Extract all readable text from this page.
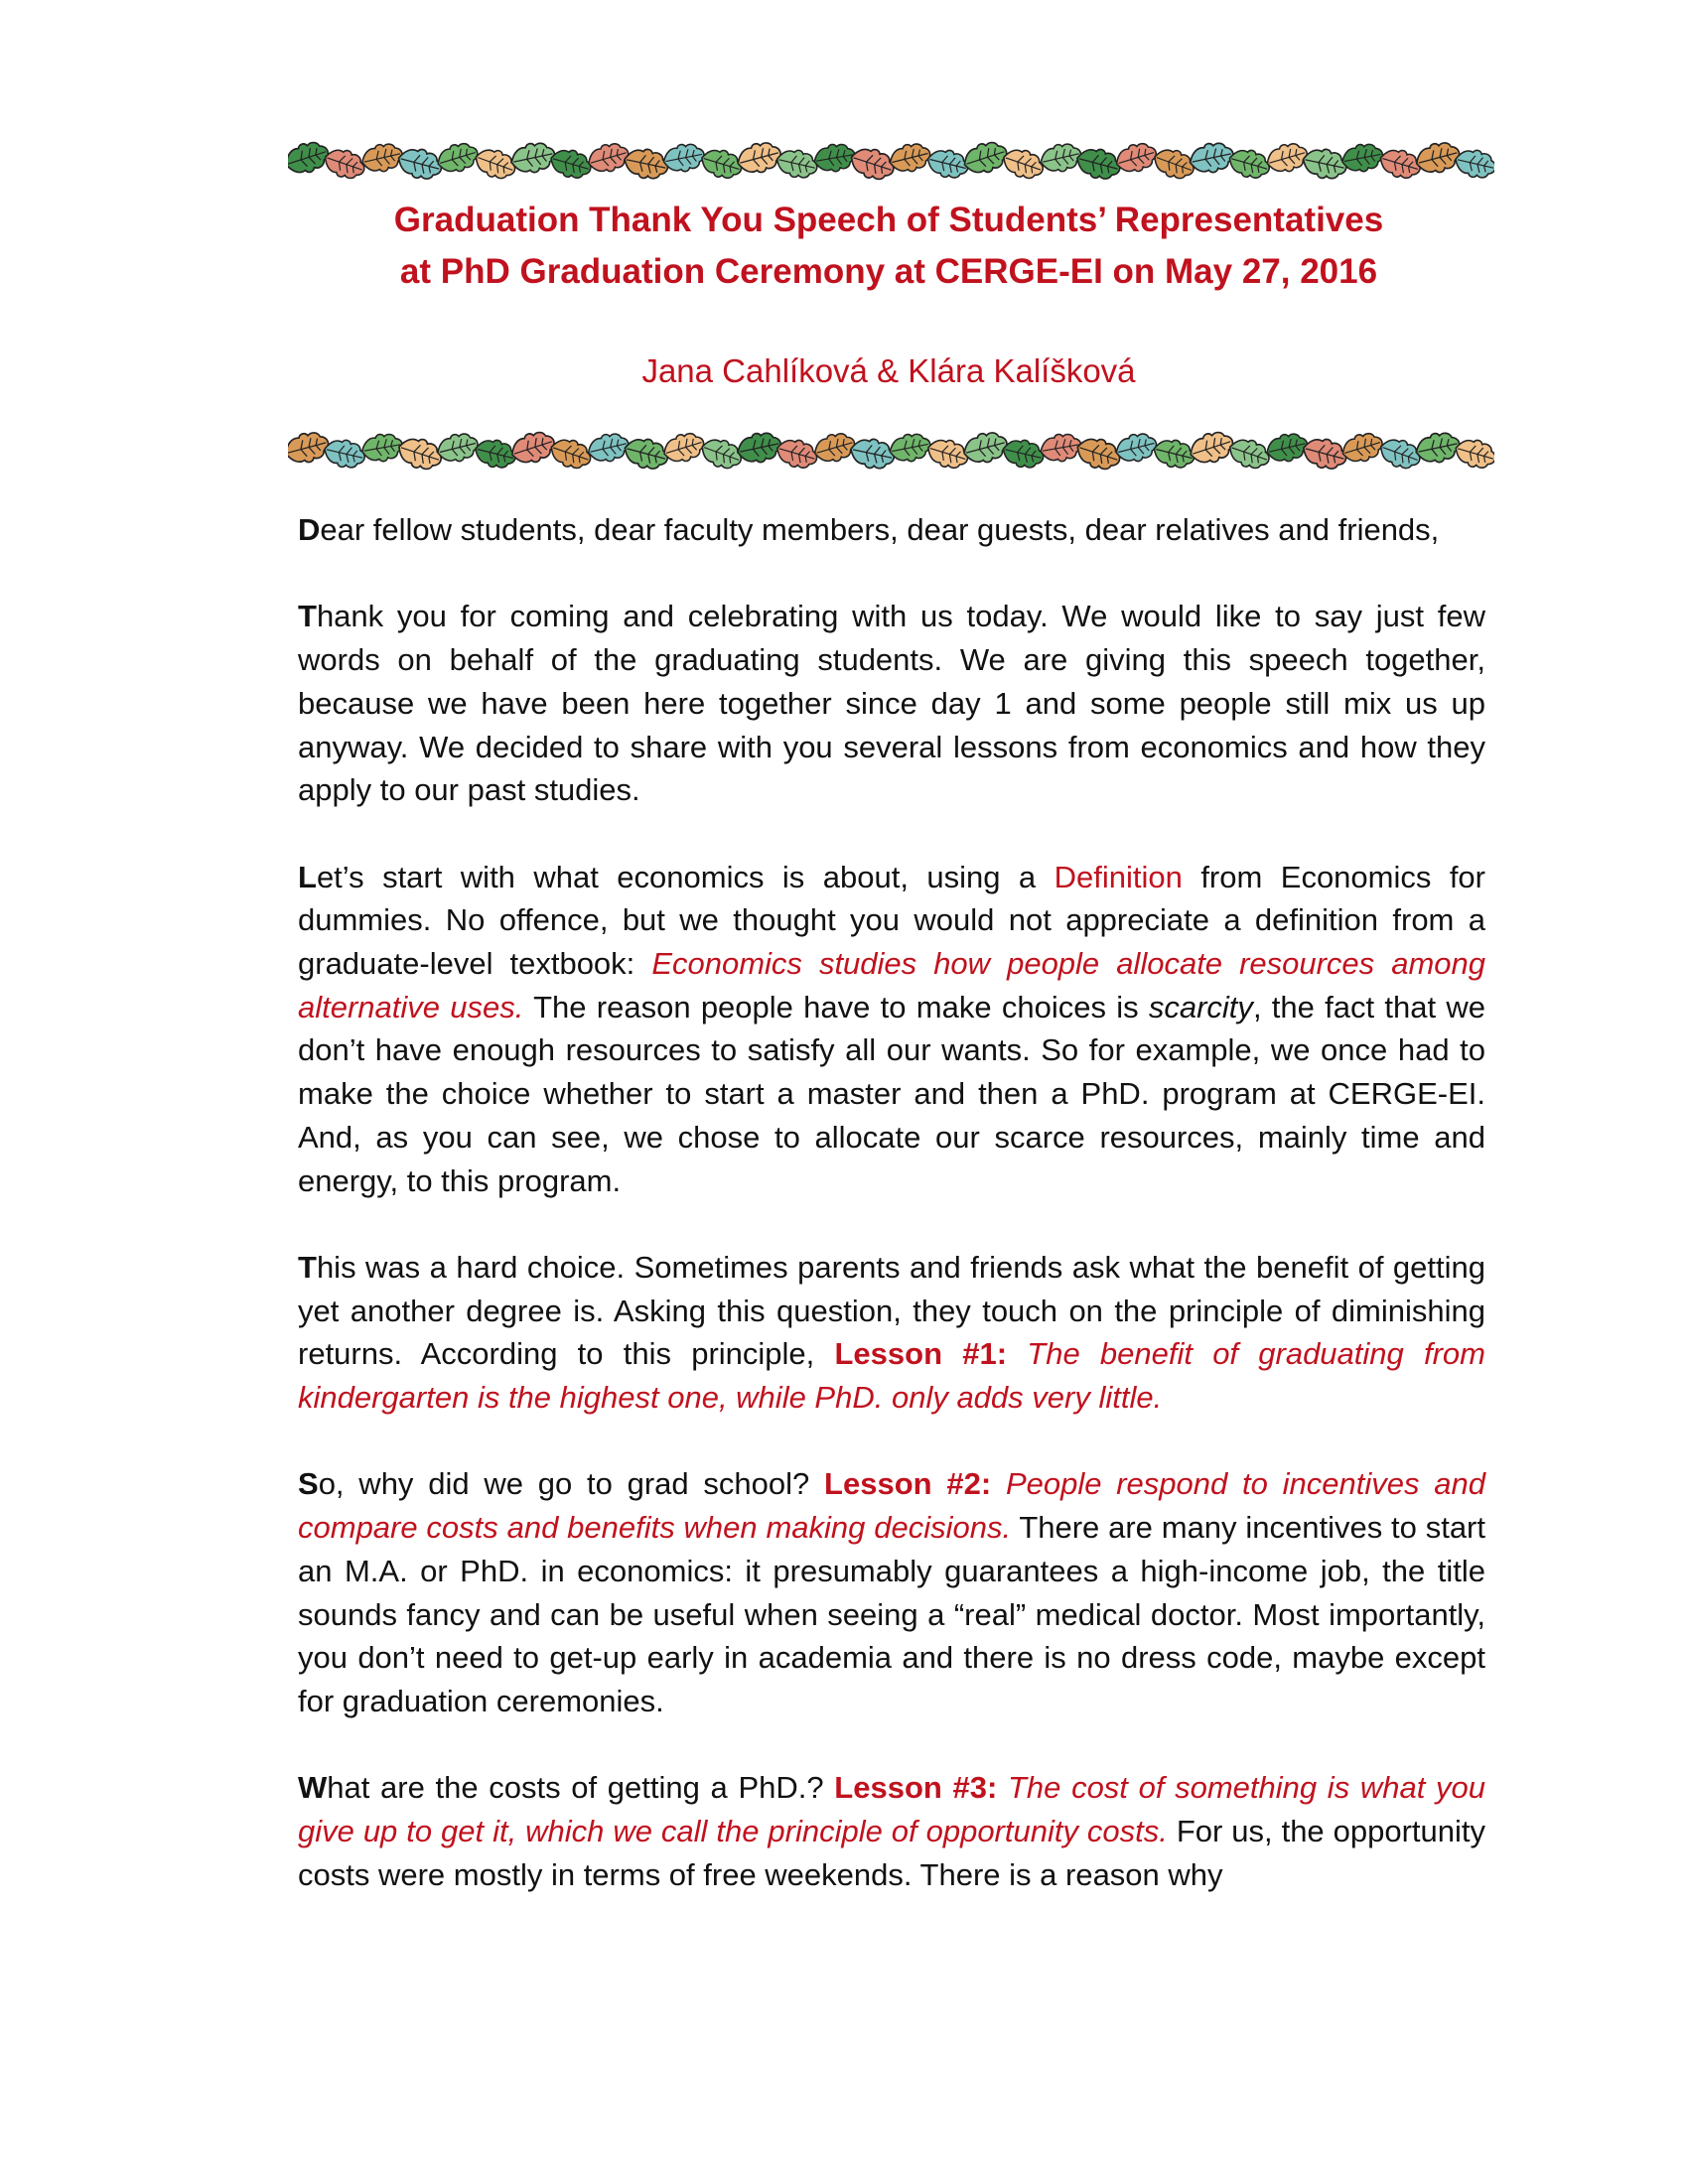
Graduation Thank You Speech of Students’ Representatives
at PhD Graduation Ceremony at CERGE-EI on May 27, 2016

Jana Cahlíková & Klára Kalíšková

Dear fellow students, dear faculty members, dear guests, dear relatives and friends,

Thank you for coming and celebrating with us today. We would like to say just few words on behalf of the graduating students. We are giving this speech together, because we have been here together since day 1 and some people still mix us up anyway. We decided to share with you several lessons from economics and how they apply to our past studies.

Let’s start with what economics is about, using a Definition from Economics for dummies. No offence, but we thought you would not appreciate a definition from a graduate-level textbook: Economics studies how people allocate resources among alternative uses. The reason people have to make choices is scarcity, the fact that we don’t have enough resources to satisfy all our wants. So for example, we once had to make the choice whether to start a master and then a PhD. program at CERGE-EI. And, as you can see, we chose to allocate our scarce resources, mainly time and energy, to this program.

This was a hard choice. Sometimes parents and friends ask what the benefit of getting yet another degree is. Asking this question, they touch on the principle of diminishing returns. According to this principle, Lesson #1: The benefit of graduating from kindergarten is the highest one, while PhD. only adds very little.

So, why did we go to grad school? Lesson #2: People respond to incentives and compare costs and benefits when making decisions. There are many incentives to start an M.A. or PhD. in economics: it presumably guarantees a high-income job, the title sounds fancy and can be useful when seeing a “real” medical doctor. Most importantly, you don’t need to get-up early in academia and there is no dress code, maybe except for graduation ceremonies.

What are the costs of getting a PhD.? Lesson #3: The cost of something is what you give up to get it, which we call the principle of opportunity costs. For us, the opportunity costs were mostly in terms of free weekends. There is a reason why
